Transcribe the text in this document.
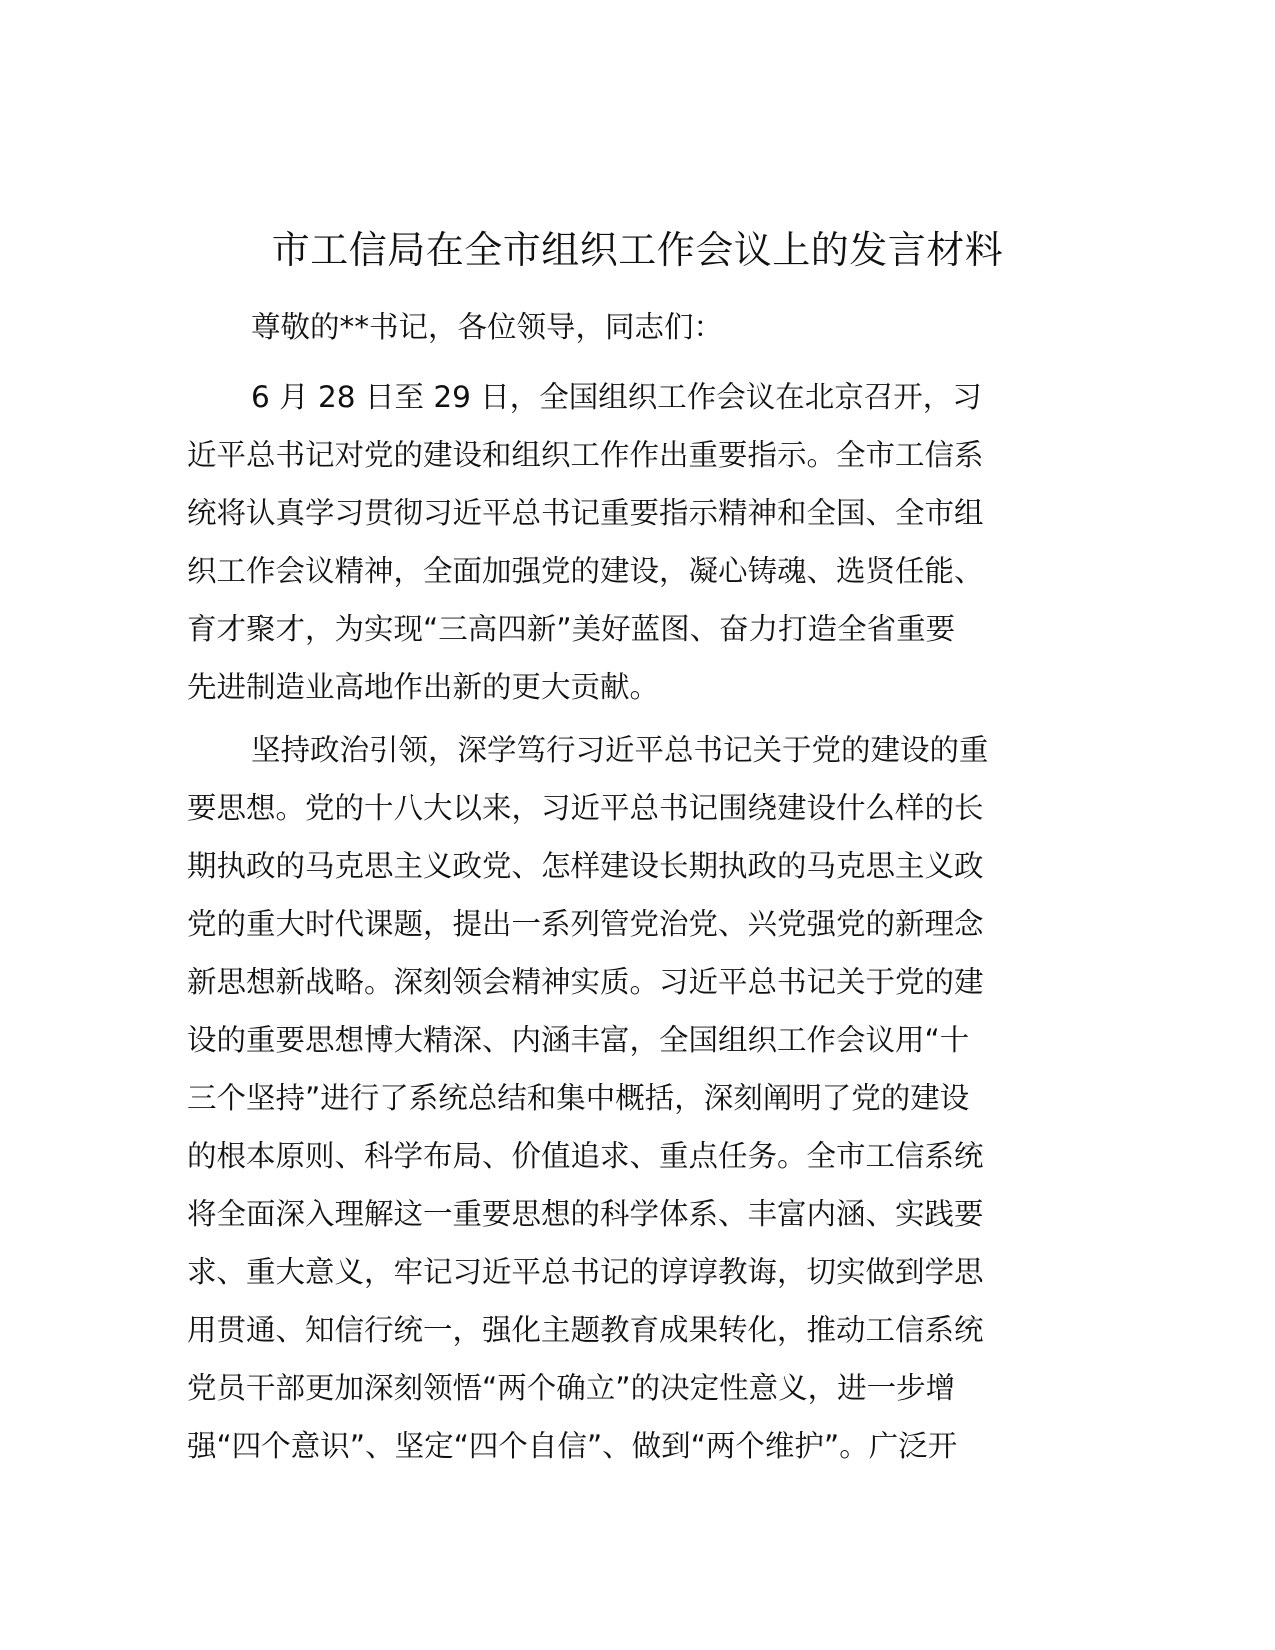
市工信局在全市组织工作会议上的发言材料

尊敬的**书记，各位领导，同志们：

6 月 28 日至 29 日，全国组织工作会议在北京召开，习
近平总书记对党的建设和组织工作作出重要指示。全市工信系
统将认真学习贯彻习近平总书记重要指示精神和全国、全市组
织工作会议精神，全面加强党的建设，凝心铸魂、选贤任能、
育才聚才，为实现“三高四新”美好蓝图、奋力打造全省重要
先进制造业高地作出新的更大贡献。

坚持政治引领，深学笃行习近平总书记关于党的建设的重
要思想。党的十八大以来，习近平总书记围绕建设什么样的长
期执政的马克思主义政党、怎样建设长期执政的马克思主义政
党的重大时代课题，提出一系列管党治党、兴党强党的新理念
新思想新战略。深刻领会精神实质。习近平总书记关于党的建
设的重要思想博大精深、内涵丰富，全国组织工作会议用“十
三个坚持”进行了系统总结和集中概括，深刻阐明了党的建设
的根本原则、科学布局、价值追求、重点任务。全市工信系统
将全面深入理解这一重要思想的科学体系、丰富内涵、实践要
求、重大意义，牢记习近平总书记的谆谆教诲，切实做到学思
用贯通、知信行统一，强化主题教育成果转化，推动工信系统
党员干部更加深刻领悟“两个确立”的决定性意义，进一步增
强“四个意识”、坚定“四个自信”、做到“两个维护”。广泛开
